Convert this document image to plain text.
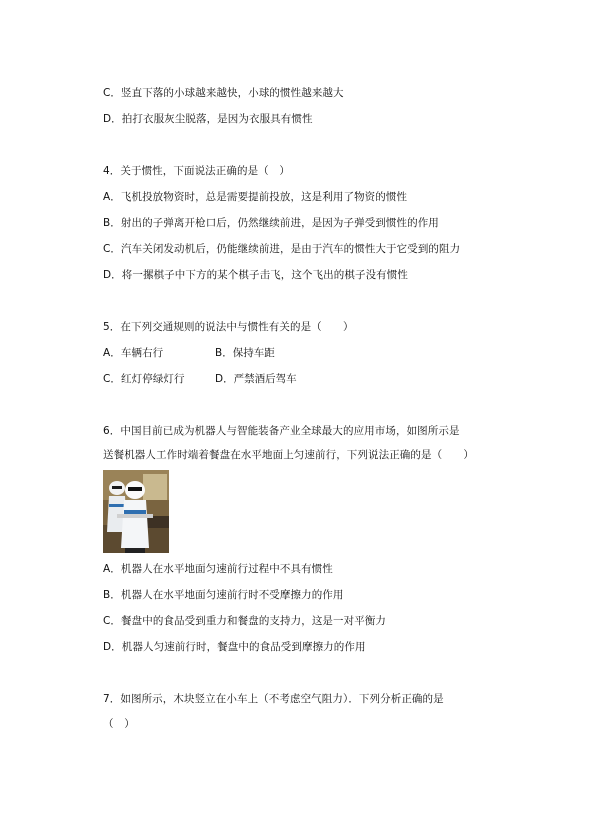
C．竖直下落的小球越来越快，小球的惯性越来越大
D．拍打衣服灰尘脱落，是因为衣服具有惯性
4．关于惯性，下面说法正确的是（　）
A．飞机投放物资时，总是需要提前投放，这是利用了物资的惯性
B．射出的子弹离开枪口后，仍然继续前进，是因为子弹受到惯性的作用
C．汽车关闭发动机后，仍能继续前进，是由于汽车的惯性大于它受到的阻力
D．将一摞棋子中下方的某个棋子击飞，这个飞出的棋子没有惯性
5．在下列交通规则的说法中与惯性有关的是（　　）
A．车辆右行	B．保持车距
C．红灯停绿灯行	D．严禁酒后驾车
6．中国目前已成为机器人与智能装备产业全球最大的应用市场，如图所示是
送餐机器人工作时端着餐盘在水平地面上匀速前行，下列说法正确的是（　　）
A．机器人在水平地面匀速前行过程中不具有惯性
B．机器人在水平地面匀速前行时不受摩擦力的作用
C．餐盘中的食品受到重力和餐盘的支持力，这是一对平衡力
D．机器人匀速前行时，餐盘中的食品受到摩擦力的作用
7．如图所示，木块竖立在小车上（不考虑空气阻力）．下列分析正确的是
（　）
